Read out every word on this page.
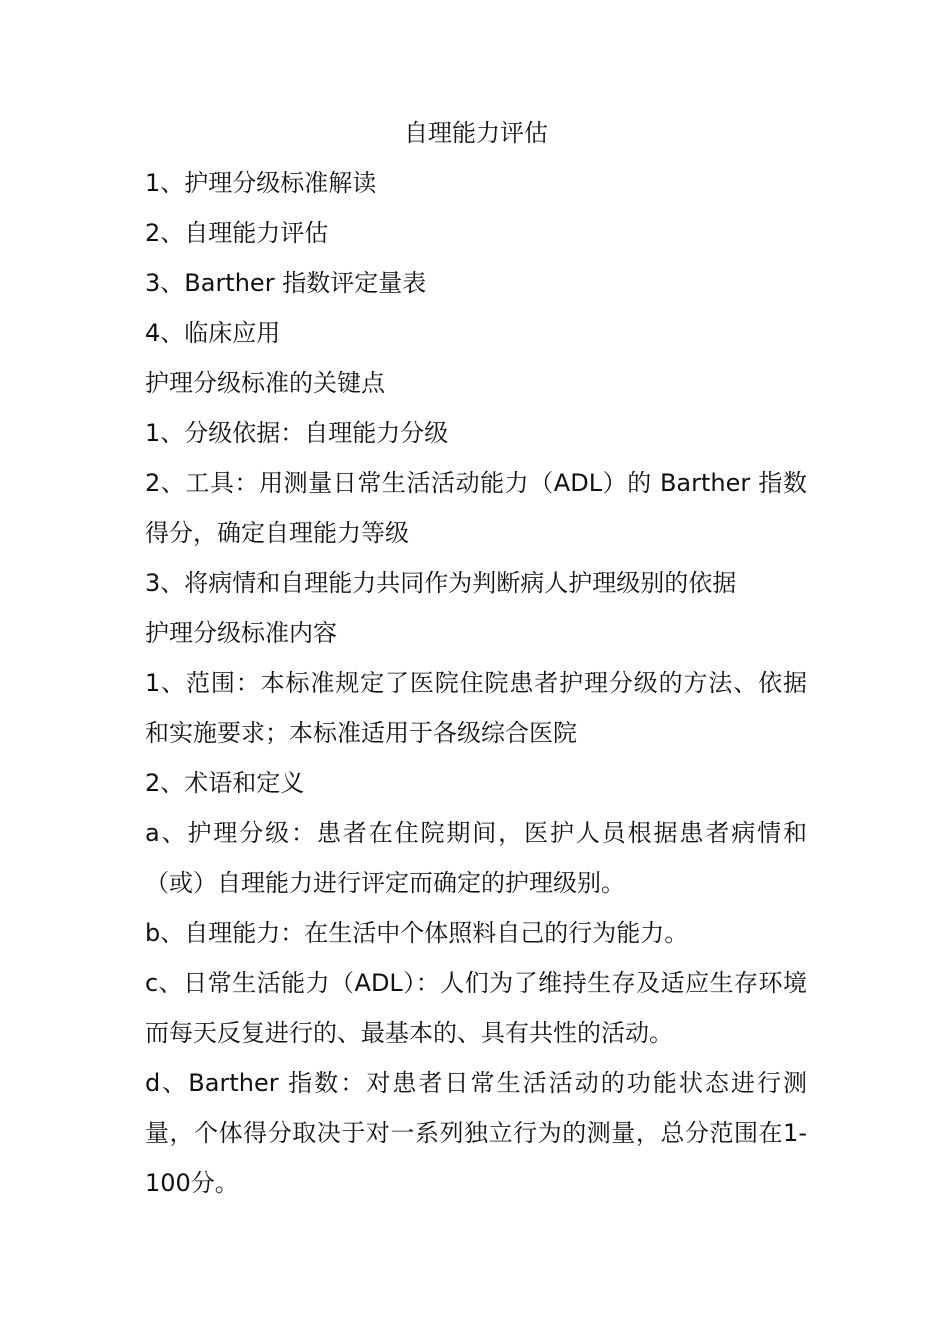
自理能力评估

1、护理分级标准解读

2、自理能力评估

3、Barther 指数评定量表

4、临床应用

护理分级标准的关键点

1、分级依据：自理能力分级

2、工具：用测量日常生活活动能力（ADL）的 Barther 指数得分，确定自理能力等级

3、将病情和自理能力共同作为判断病人护理级别的依据

护理分级标准内容

1、范围：本标准规定了医院住院患者护理分级的方法、依据和实施要求；本标准适用于各级综合医院

2、术语和定义

a、护理分级：患者在住院期间，医护人员根据患者病情和（或）自理能力进行评定而确定的护理级别。

b、自理能力：在生活中个体照料自己的行为能力。

c、日常生活能力（ADL）：人们为了维持生存及适应生存环境而每天反复进行的、最基本的、具有共性的活动。

d、Barther 指数：对患者日常生活活动的功能状态进行测量，个体得分取决于对一系列独立行为的测量，总分范围在1-100分。
